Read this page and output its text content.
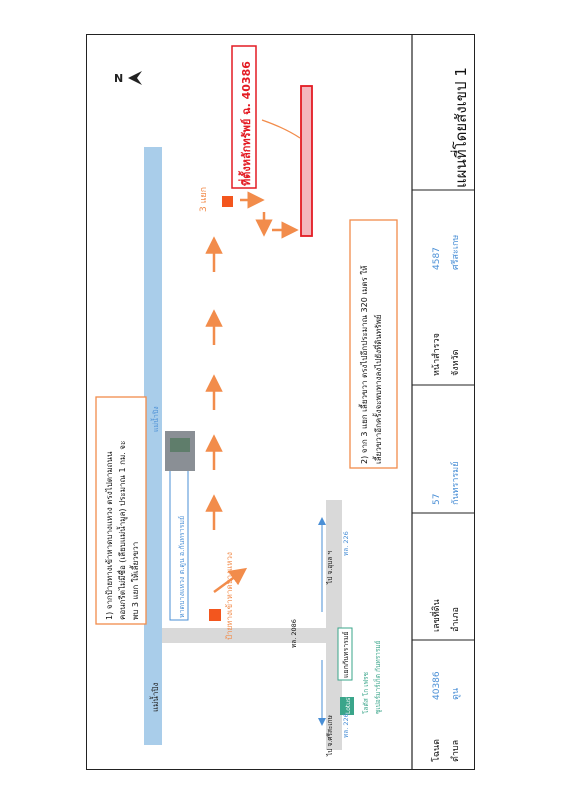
N
Lotus's
แผนที่โดยสังเขป 1
ที่ตั้งหลักทรัพย์ ฉ. 40386
3 แยก
แม่น้ำปิง
แม่น้ำปิง
ป้ายทางเข้าหาดบางแหวง
หาดบางแหวง ต.ดูน อ.กันทรารมย์
แยกกันทรารมย์
โลตัส โก เฟรช ซูเปอร์มาร์เก็ต กันทรารมย์
ทล. 2086
ทล. 226
ทล. 226
ไป จ.ศรีสะเกษ
ไป จ.อุบล ฯ
1) จากป้ายทางเข้าหาดบางแหวง ตรงไปตามถนน คอนกรีตไม่มีชื่อ (เลียบแม่น้ำมูล) ประมาณ 1 กม. จะ พบ 3 แยก ให้เลี้ยวขวา
2) จาก 3 แยก เลี้ยวขวา ตรงไปอีกประมาณ 320 เมตร ให้ เลี้ยวขวาอีกครั้งจะพบทางลงไปยังที่ดินทรัพย์
โฉนด
40386
เลขที่ดิน
57
หน้าสำรวจ
4587
ตำบล
ดูน
อำเภอ
กันทรารมย์
จังหวัด
ศรีสะเกษ
